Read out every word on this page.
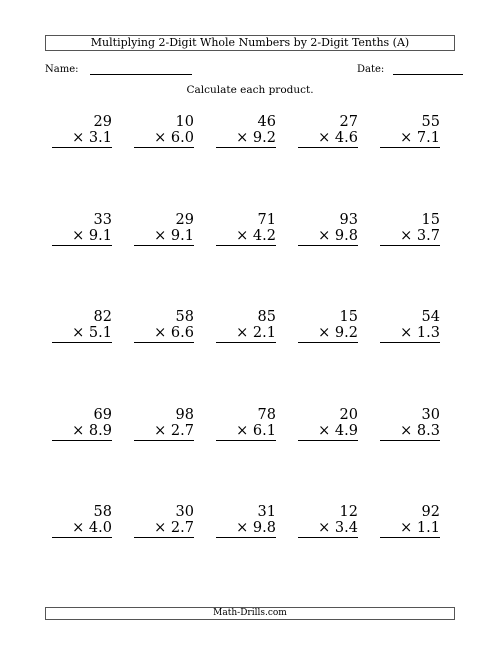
Multiplying 2-Digit Whole Numbers by 2-Digit Tenths (A)
Name:	Date:
Calculate each product.
29
× 3.1
10
× 6.0
46
× 9.2
27
× 4.6
55
× 7.1
33
× 9.1
29
× 9.1
71
× 4.2
93
× 9.8
15
× 3.7
82
× 5.1
58
× 6.6
85
× 2.1
15
× 9.2
54
× 1.3
69
× 8.9
98
× 2.7
78
× 6.1
20
× 4.9
30
× 8.3
58
× 4.0
30
× 2.7
31
× 9.8
12
× 3.4
92
× 1.1
Math-Drills.com
